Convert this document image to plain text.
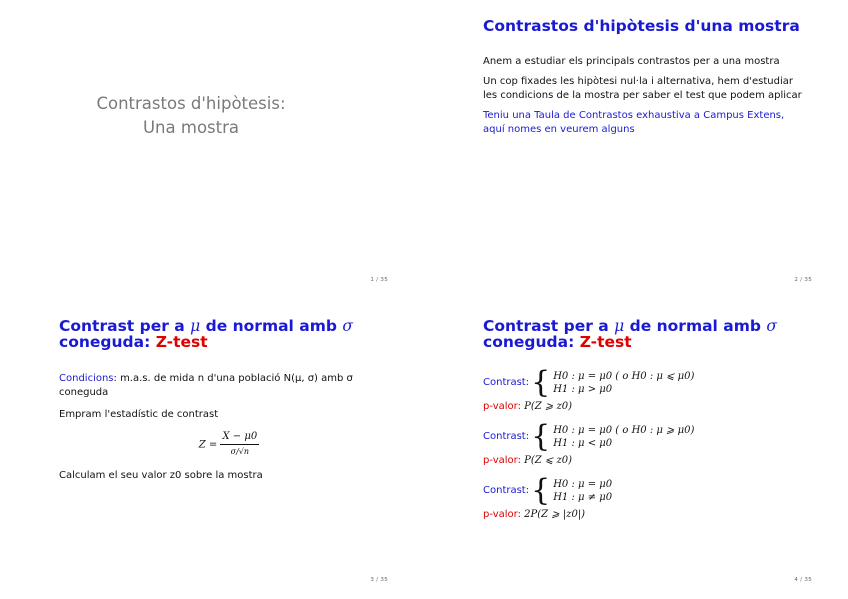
Contrastos d'hipòtesis:
Una mostra
1 / 35
Contrastos d'hipòtesis d'una mostra
Anem a estudiar els principals contrastos per a una mostra
Un cop fixades les hipòtesi nul·la i alternativa, hem d'estudiar
les condicions de la mostra per saber el test que podem aplicar
Teniu una Taula de Contrastos exhaustiva a Campus Extens,
aquí nomes en veurem alguns
2 / 35
Contrast per a μ de normal amb σ
coneguda: Z-test
Condicions: m.a.s. de mida n d'una població N(μ, σ) amb σ
coneguda
Empram l'estadístic de contrast
$Z = \frac{X - \mu 0}{\sigma/√n}$
Calculam el seu valor z0 sobre la mostra
3 / 35
Contrast per a μ de normal amb σ
coneguda: Z-test
Contrast: { H0 : μ = μ0 ( o H0 : μ ⩽ μ0)
H1 : μ > μ0
p-valor: P(Z ⩾ z0)
Contrast: { H0 : μ = μ0 ( o H0 : μ ⩾ μ0)
H1 : μ < μ0
p-valor: P(Z ⩽ z0)
Contrast: { H0 : μ = μ0
H1 : μ ≠ μ0
p-valor: 2P(Z ⩾ |z0|)
4 / 35
